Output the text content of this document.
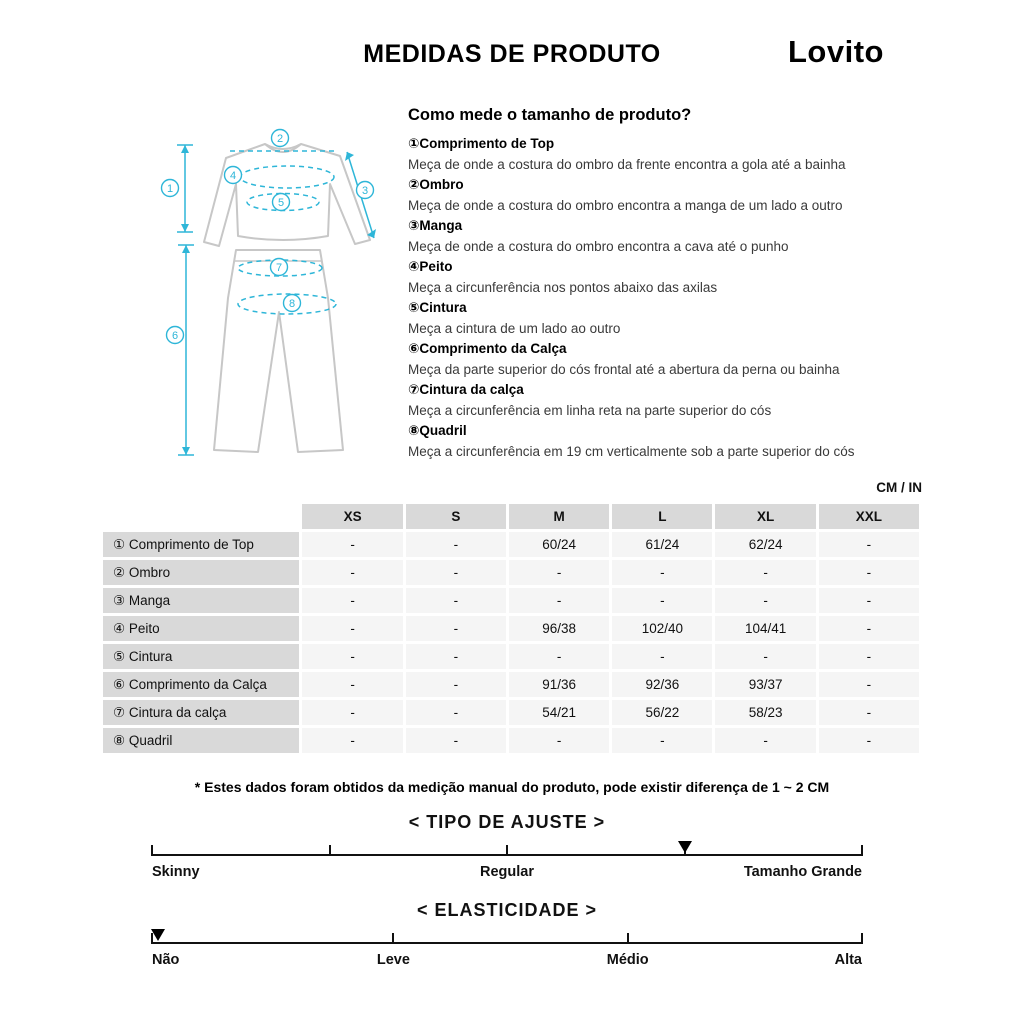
MEDIDAS DE PRODUTO	Lovito
1
2
3
4
5
6
7
8

Como mede o tamanho de produto?

①Comprimento de Top
Meça de onde a costura do ombro da frente encontra a gola até a bainha
②Ombro
Meça de onde a costura do ombro encontra a manga de um lado a outro
③Manga
Meça de onde a costura do ombro encontra a cava até o punho
④Peito
Meça a circunferência nos pontos abaixo das axilas
⑤Cintura
Meça a cintura de um lado ao outro
⑥Comprimento da Calça
Meça da parte superior do cós frontal até a abertura da perna ou bainha
⑦Cintura da calça
Meça a circunferência em linha reta na parte superior do cós
⑧Quadril
Meça a circunferência em 19 cm verticalmente sob a parte superior do cós
CM / IN
	XS	S	M	L	XL	XXL
① Comprimento de Top	-	-	60/24	61/24	62/24	-
② Ombro	-	-	-	-	-	-
③ Manga	-	-	-	-	-	-
④ Peito	-	-	96/38	102/40	104/41	-
⑤ Cintura	-	-	-	-	-	-
⑥ Comprimento da Calça	-	-	91/36	92/36	93/37	-
⑦ Cintura da calça	-	-	54/21	56/22	58/23	-
⑧ Quadril	-	-	-	-	-	-
* Estes dados foram obtidos da medição manual do produto, pode existir diferença de 1 ~ 2 CM
< TIPO DE AJUSTE >
Skinny	Regular	Tamanho Grande
< ELASTICIDADE >
Não	Leve	Médio	Alta
